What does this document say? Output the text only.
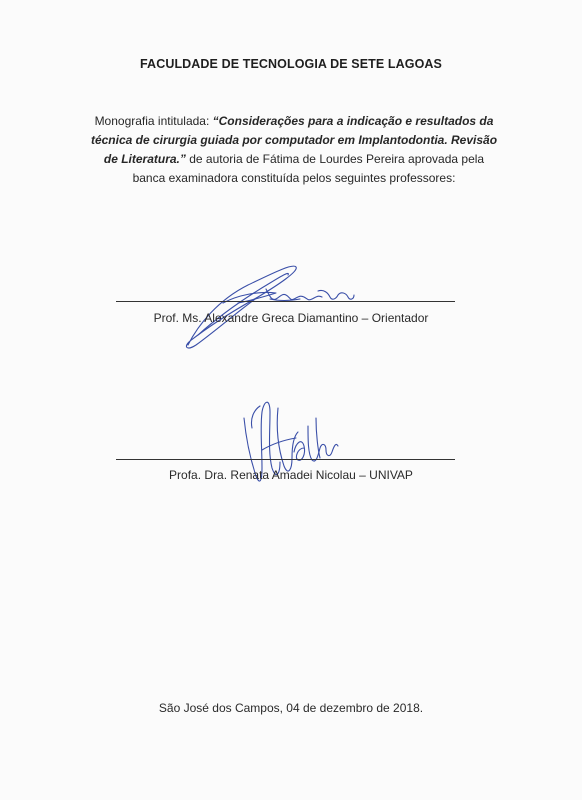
FACULDADE DE TECNOLOGIA DE SETE LAGOAS
Monografia intitulada: “Considerações para a indicação e resultados da técnica de cirurgia guiada por computador em Implantodontia. Revisão de Literatura.” de autoria de Fátima de Lourdes Pereira aprovada pela banca examinadora constituída pelos seguintes professores:
Prof. Ms. Alexandre Greca Diamantino – Orientador
Profa. Dra. Renata Amadei Nicolau – UNIVAP
São José dos Campos, 04 de dezembro de 2018.
